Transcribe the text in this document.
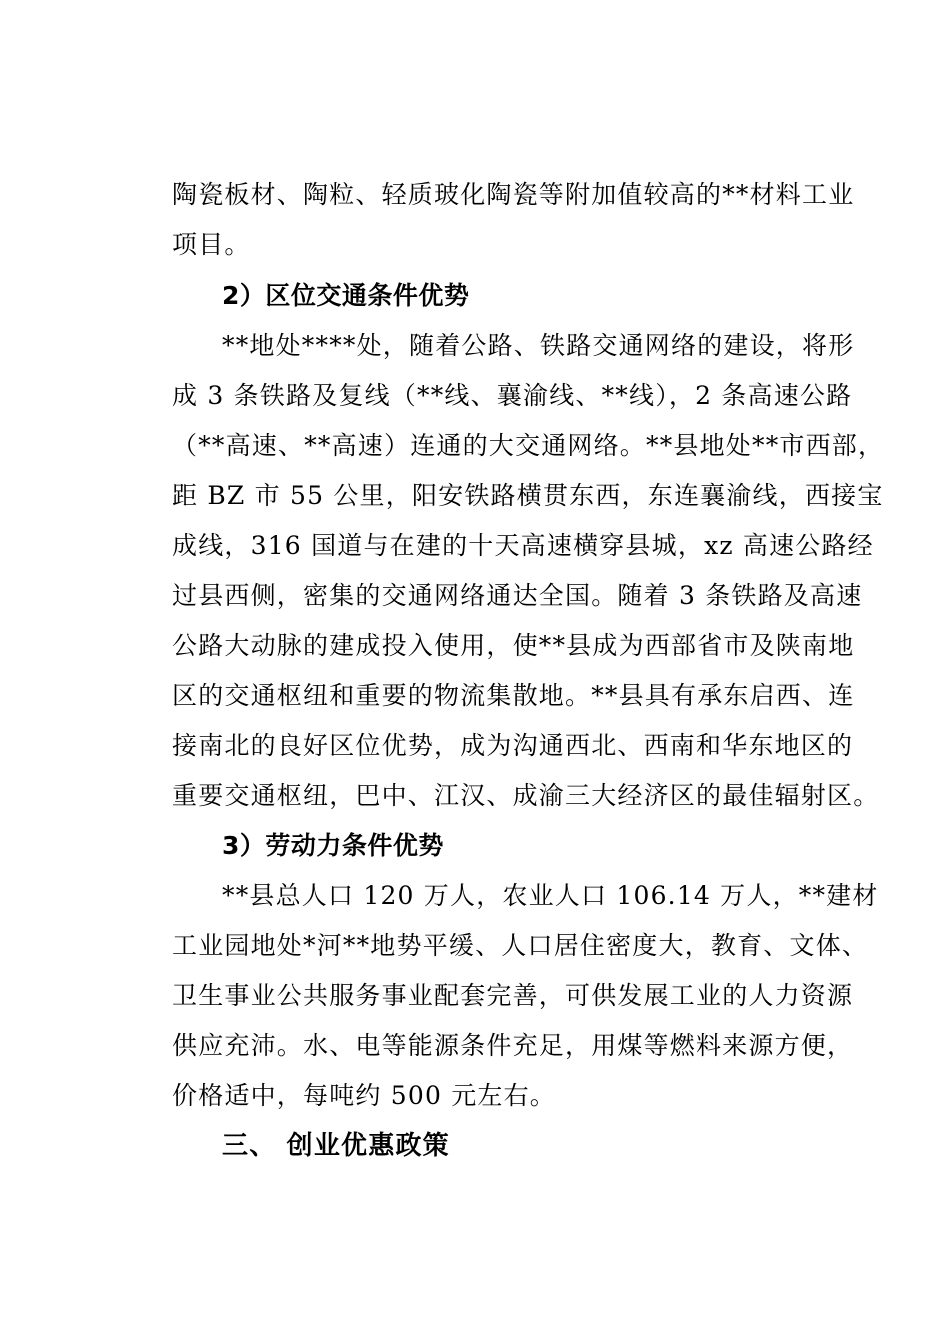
陶瓷板材、陶粒、轻质玻化陶瓷等附加值较高的**材料工业
项目。
2）区位交通条件优势
**地处****处，随着公路、铁路交通网络的建设，将形
成 3 条铁路及复线（**线、襄渝线、**线），2 条高速公路
（**高速、**高速）连通的大交通网络。**县地处**市西部，
距 BZ 市 55 公里，阳安铁路横贯东西，东连襄渝线，西接宝
成线，316 国道与在建的十天高速横穿县城，xz 高速公路经
过县西侧，密集的交通网络通达全国。随着 3 条铁路及高速
公路大动脉的建成投入使用，使**县成为西部省市及陕南地
区的交通枢纽和重要的物流集散地。**县具有承东启西、连
接南北的良好区位优势，成为沟通西北、西南和华东地区的
重要交通枢纽，巴中、江汉、成渝三大经济区的最佳辐射区。
3）劳动力条件优势
**县总人口 120 万人，农业人口 106.14 万人，**建材
工业园地处*河**地势平缓、人口居住密度大，教育、文体、
卫生事业公共服务事业配套完善，可供发展工业的人力资源
供应充沛。水、电等能源条件充足，用煤等燃料来源方便，
价格适中，每吨约 500 元左右。
三、 创业优惠政策
